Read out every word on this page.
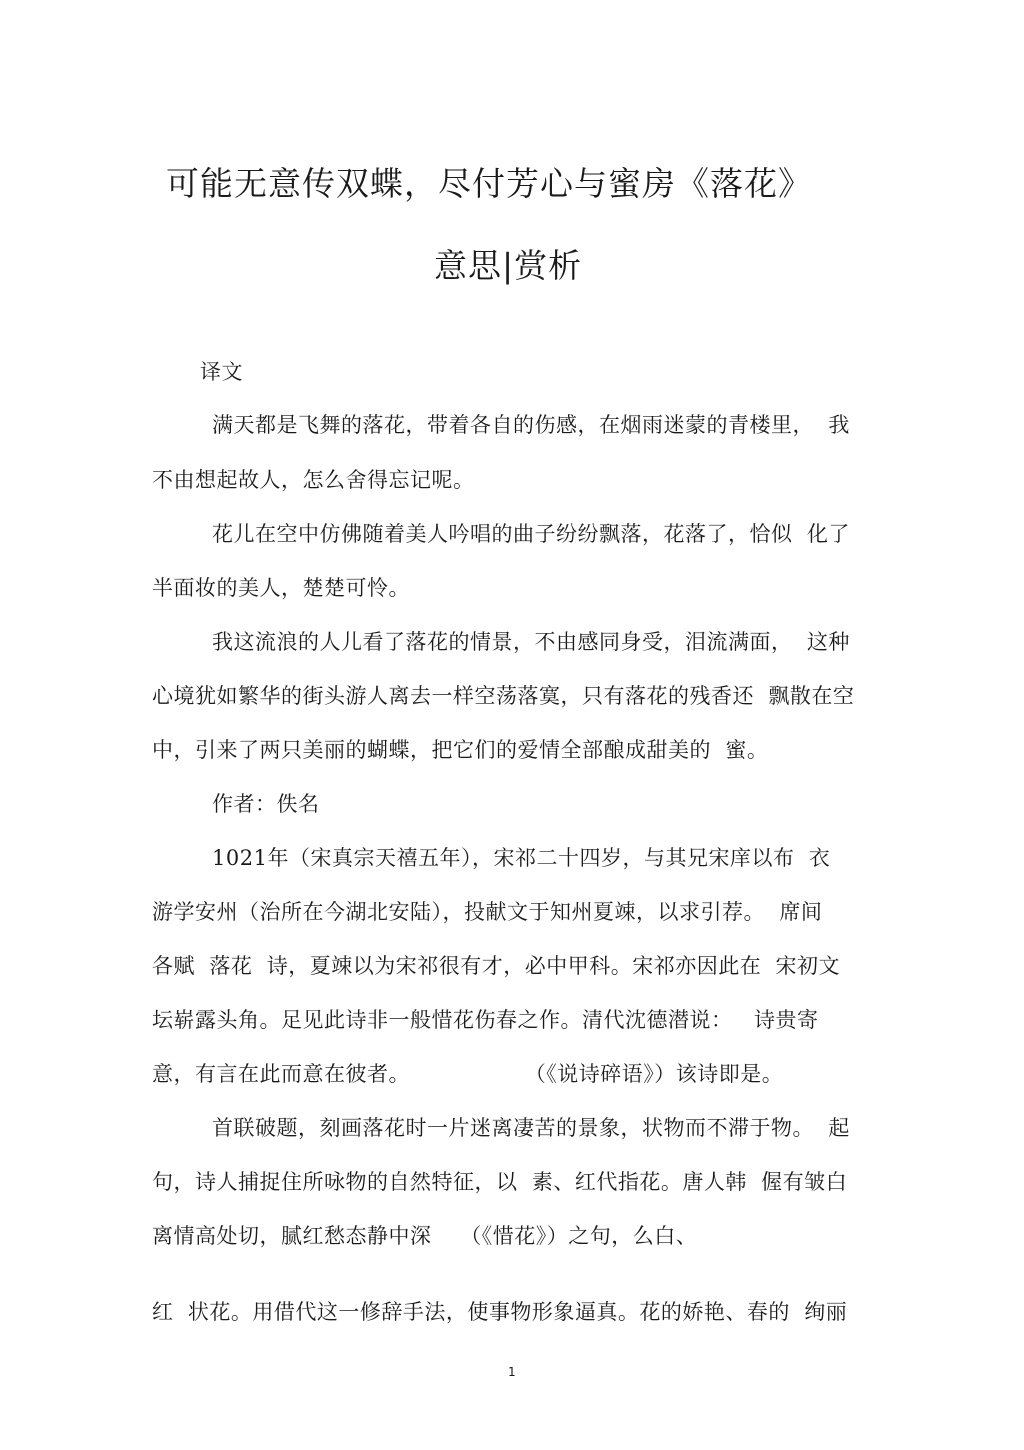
可能无意传双蝶，尽付芳心与蜜房《落花》
意思|赏析
译文
满天都是飞舞的落花，带着各自的伤感，在烟雨迷蒙的青楼里，  我
不由想起故人，怎么舍得忘记呢。
花儿在空中仿佛随着美人吟唱的曲子纷纷飘落，花落了，恰似  化了
半面妆的美人，楚楚可怜。
我这流浪的人儿看了落花的情景，不由感同身受，泪流满面，  这种
心境犹如繁华的街头游人离去一样空荡落寞，只有落花的残香还  飘散在空
中，引来了两只美丽的蝴蝶，把它们的爱情全部酿成甜美的  蜜。
作者：佚名
1021年（宋真宗天禧五年），宋祁二十四岁，与其兄宋庠以布  衣
游学安州（治所在今湖北安陆），投献文于知州夏竦，以求引荐。  席间
各赋  落花  诗，夏竦以为宋祁很有才，必中甲科。宋祁亦因此在  宋初文
坛崭露头角。足见此诗非一般惜花伤春之作。清代沈德潜说：   诗贵寄
意，有言在此而意在彼者。                （《说诗碎语》）该诗即是。
首联破题，刻画落花时一片迷离凄苦的景象，状物而不滞于物。  起
句，诗人捕捉住所咏物的自然特征，以  素、红代指花。唐人韩  偓有皱白
离情高处切，腻红愁态静中深    （《惜花》）之句，么白、
红  状花。用借代这一修辞手法，使事物形象逼真。花的娇艳、春的  绚丽
1
